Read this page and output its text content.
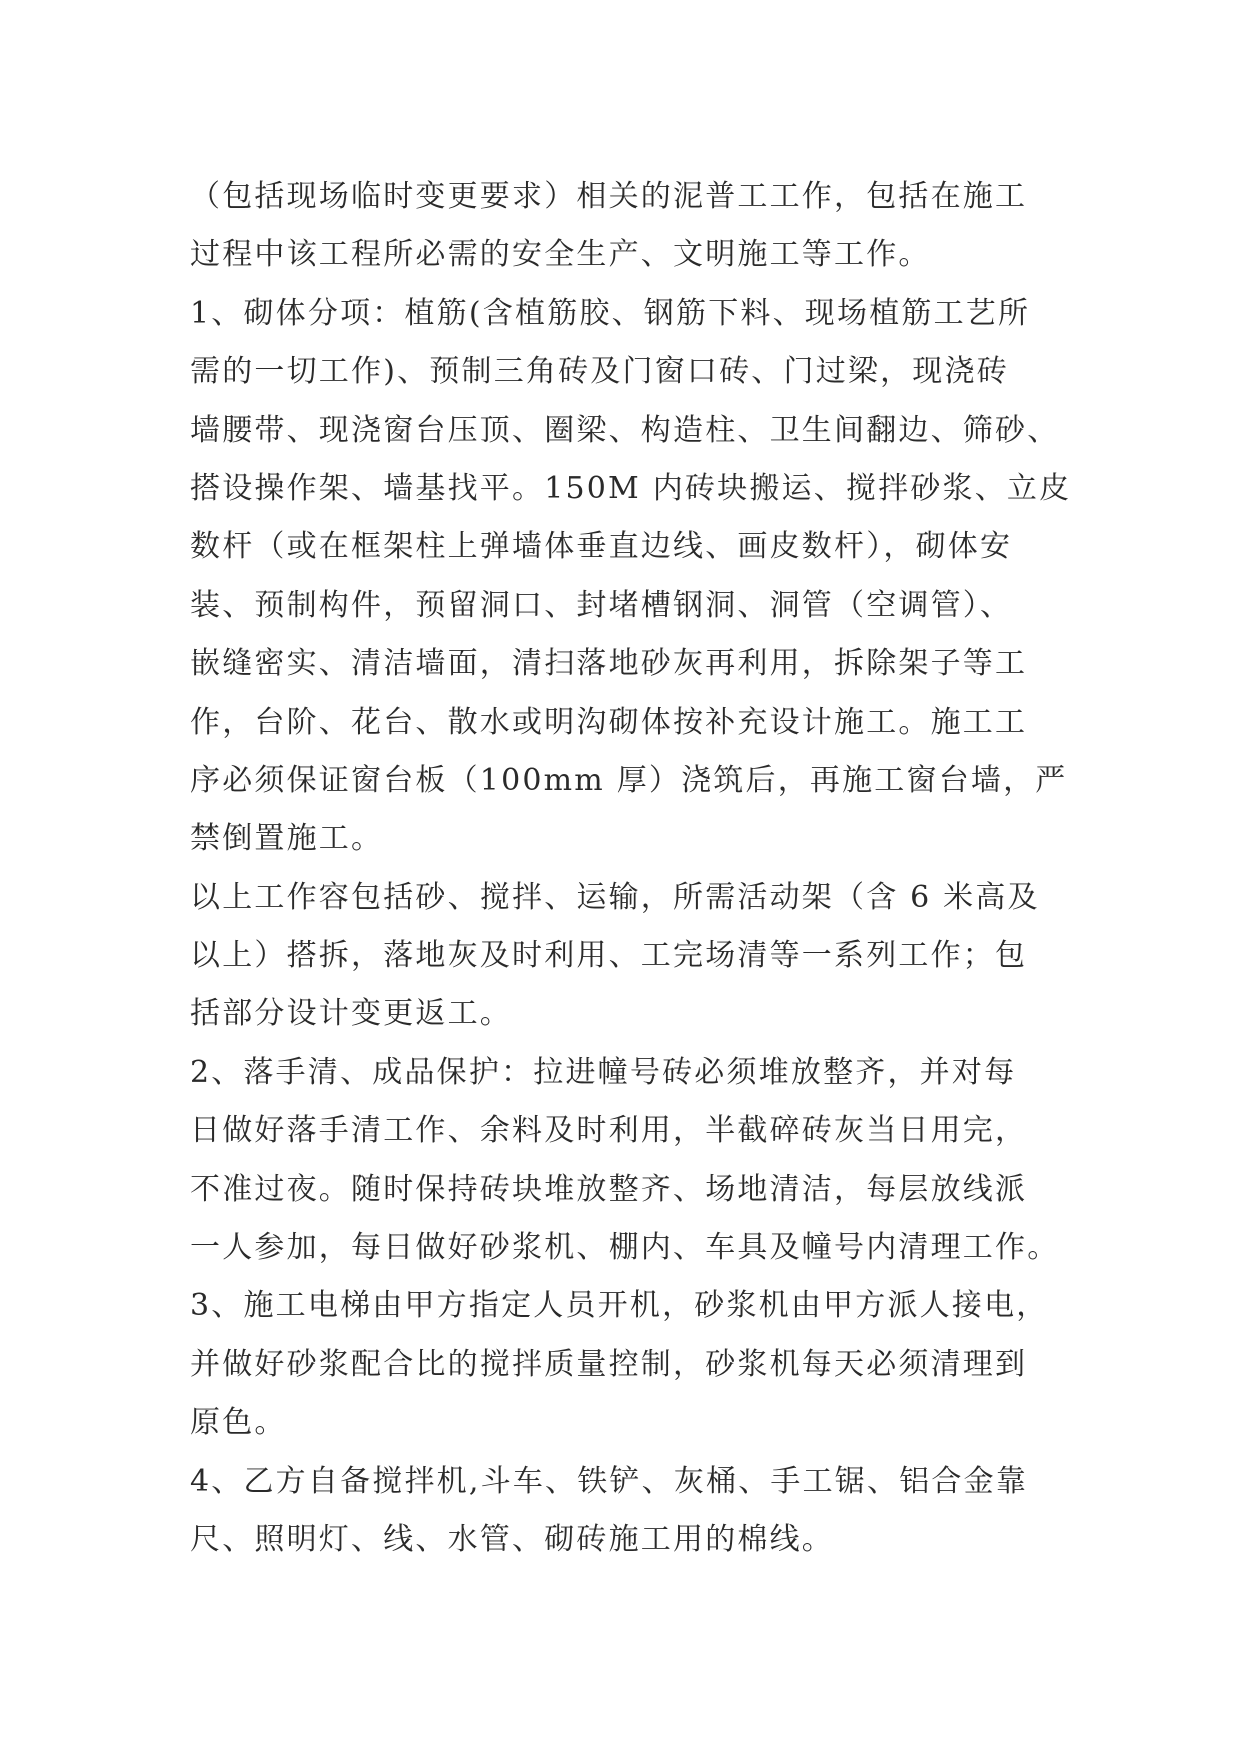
（包括现场临时变更要求）相关的泥普工工作，包括在施工
过程中该工程所必需的安全生产、文明施工等工作。
1、砌体分项：植筋(含植筋胶、钢筋下料、现场植筋工艺所
需的一切工作)、预制三角砖及门窗口砖、门过梁，现浇砖
墙腰带、现浇窗台压顶、圈梁、构造柱、卫生间翻边、筛砂、
搭设操作架、墙基找平。150M 内砖块搬运、搅拌砂浆、立皮
数杆（或在框架柱上弹墙体垂直边线、画皮数杆），砌体安
装、预制构件，预留洞口、封堵槽钢洞、洞管（空调管）、
嵌缝密实、清洁墙面，清扫落地砂灰再利用，拆除架子等工
作，台阶、花台、散水或明沟砌体按补充设计施工。施工工
序必须保证窗台板（100mm 厚）浇筑后，再施工窗台墙，严
禁倒置施工。
以上工作容包括砂、搅拌、运输，所需活动架（含 6 米高及
以上）搭拆，落地灰及时利用、工完场清等一系列工作；包
括部分设计变更返工。
2、落手清、成品保护：拉进幢号砖必须堆放整齐，并对每
日做好落手清工作、余料及时利用，半截碎砖灰当日用完，
不准过夜。随时保持砖块堆放整齐、场地清洁，每层放线派
一人参加，每日做好砂浆机、棚内、车具及幢号内清理工作。
3、施工电梯由甲方指定人员开机，砂浆机由甲方派人接电，
并做好砂浆配合比的搅拌质量控制，砂浆机每天必须清理到
原色。
4、乙方自备搅拌机,斗车、铁铲、灰桶、手工锯、铝合金靠
尺、照明灯、线、水管、砌砖施工用的棉线。
